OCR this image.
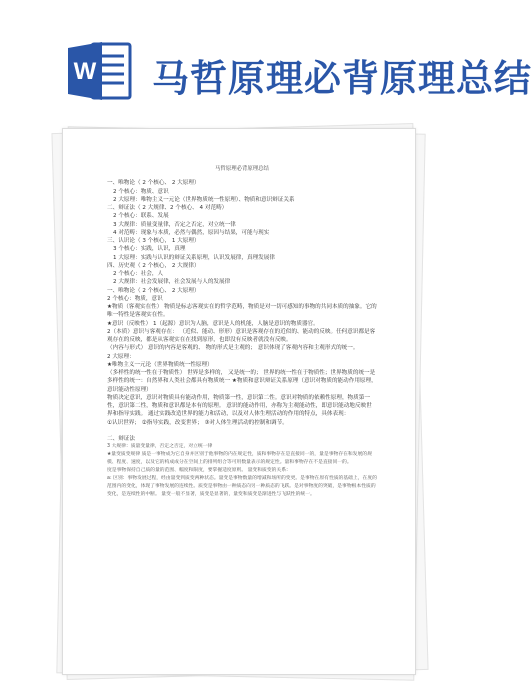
W 马哲原理必背原理总结
马哲原理必背原理总结
一、唯物论（ 2 个核心、 2 大原理）
2 个核心：物质、意识
2 大原理：唯物主义一元论（世界物质统一性原理）、物质和意识辩证关系
二、辩证法（ 2 大规律、2 个核心、 4 对范畴）
2 个核心：联系、发展
3 大规律：质量变量律，否定之否定，对立统一律
4 对范畴：现象与本质，必然与偶然，原因与结果，可能与现实
三、认识论（ 3 个核心， 1 大原理）
3 个核心：实践，认识，真理
1 大原理：实践与认识的辩证关系原理，认识发展律，真理发展律
四、历史观（ 2 个核心， 2 大规律）
2 个核心：社会，人
2 大规律：社会发展律，社会发展与人的发展律
一、唯物论（ 2 个核心、 2 大原理）
2 个核心：物质，意识
★物质（客观实在性） 物质是标志客观实在的哲学范畴，物质是对一切可感知的事物的共同本质的抽象。它的唯一特性是客观实在性。
★意识（反映性） 1（起源）意识为人脑，意识是人的机能，人脑是意识的物质器官。
2（本质）意识与客观存在： （近似、能动、形形）意识是客观存在的近似的、能动的反映。任何意识都是客观存在的反映，都是从客观实在在找到原形，也即没有反映者就没有反映。
（内容与形式） 意识的内容是客观的、 物的形式是主观的； 意识体现了客观内容和主观形式的统一。
2 大原理：
★唯物主义一元论（世界物质统一性原理）
（多样性的统一性在于物质性） 世界是多样的， 又是统一的； 世界的统一性在于物质性；世界物质的统一是多样性的统一：自然界和人类社会都具有物质统一 ★物质和意识辩证关系原理（意识对物质的能动作用原理，意识能动性原理）
物质决定意识，意识对物质具有能动作用，物质第一性，意识第二性。意识对物质的依赖性原理，物质第一性，意识第二性，物质和意识都是本有的原理。 意识的能动作用，亦称为主观能动性，即意识能动地反映世界和指导实践。 通过实践改造世界的能力和活动，以及对人体生理活动的作用的特点，具体表现：
①认识世界； ②指导实践，改变世界； ③对人体生理活动的控制和调节。
二、辩证法
3 大规律：质量变量律，否定之否定，对立统一律
★量变质变规律 质是一事物成为它自身并区别于他事物的内在规定性，质和事物存在是直接同一的，量是事物存在和发展的规模、程度、速度，以及它的构成成分在空间上的排列组合等可用数量表示的规定性。量和事物存在不是直接同一的。
度是事物保持自己质的量的范围、幅度和限度，要掌握适度原则。 量变和质变的关系：
a: 区别：事物发展过程，经由量变到质变两种状态。量变是事物数量的增减和场所的变更。是事物在原有性质的基础上，在度的范围内的变化，体现了事物发展的连续性。质变是事物由一种质态向另一种质态的飞跃。是对事物度的突破，是事物根本性质的变化，是连续性的中断。 量变一般不显著，质变是显著的，量变和质变是渐进性与飞跃性的统一。
